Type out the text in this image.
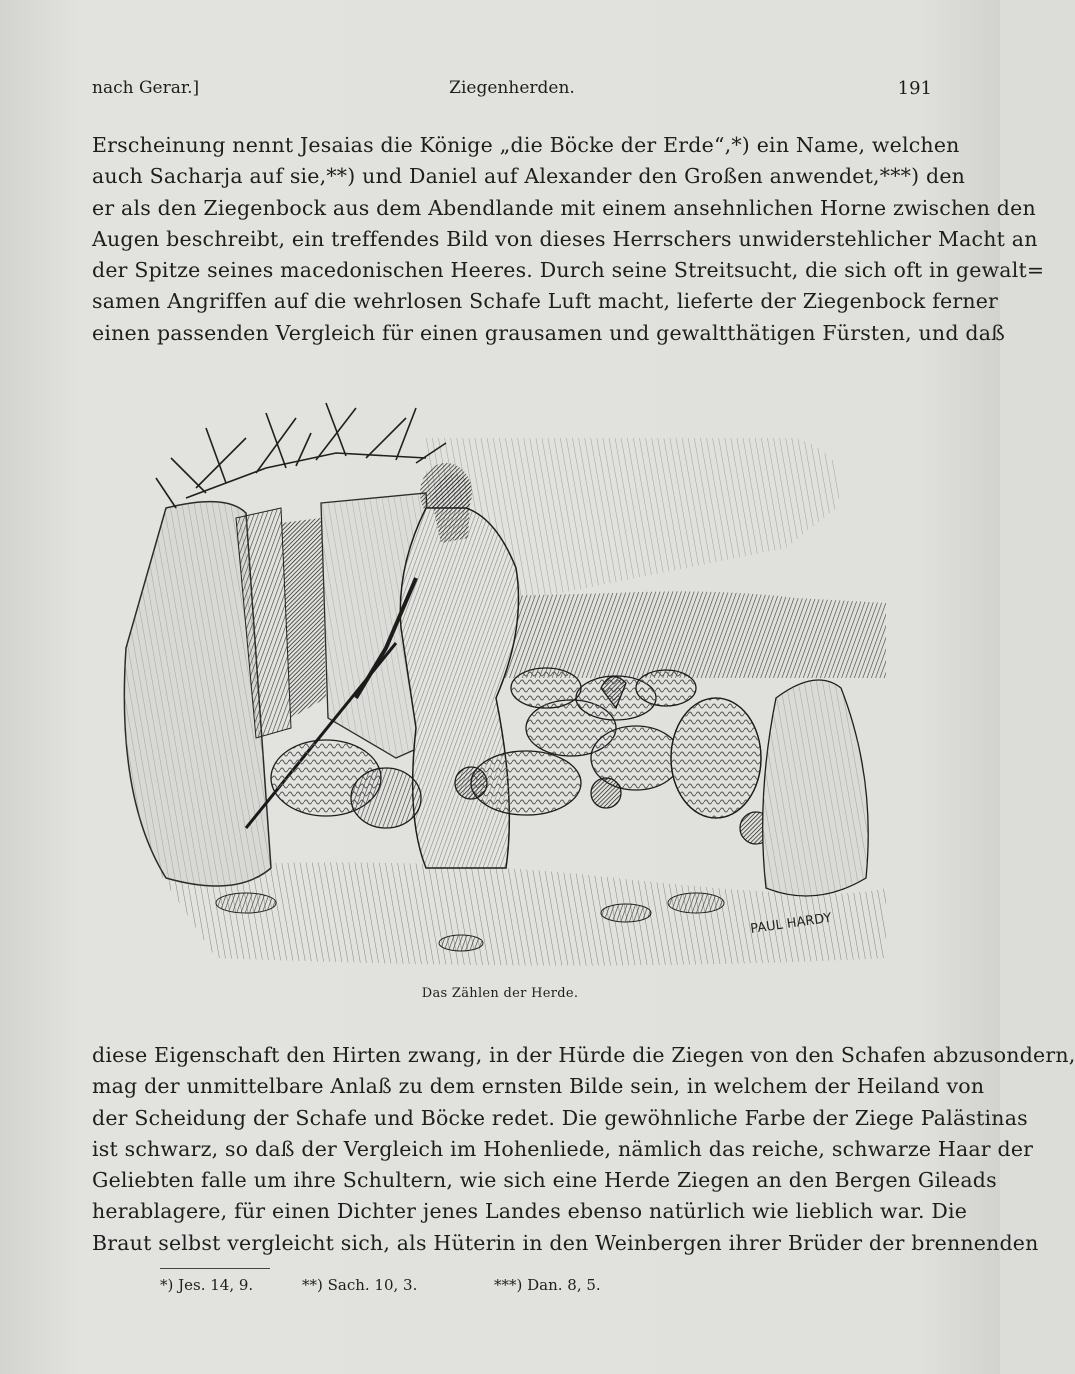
nach Gerar.]	Ziegenherden.	191
Erscheinung nennt Jesaias die Könige „die Böcke der Erde“,*) ein Name, welchen
auch Sacharja auf sie,**) und Daniel auf Alexander den Großen anwendet,***) den
er als den Ziegenbock aus dem Abendlande mit einem ansehnlichen Horne zwischen den
Augen beschreibt, ein treffendes Bild von dieses Herrschers unwiderstehlicher Macht an
der Spitze seines macedonischen Heeres. Durch seine Streitsucht, die sich oft in gewalt=
samen Angriffen auf die wehrlosen Schafe Luft macht, lieferte der Ziegenbock ferner
einen passenden Vergleich für einen grausamen und gewaltthätigen Fürsten, und daß
PAUL HARDY
Das Zählen der Herde.
diese Eigenschaft den Hirten zwang, in der Hürde die Ziegen von den Schafen abzusondern,
mag der unmittelbare Anlaß zu dem ernsten Bilde sein, in welchem der Heiland von
der Scheidung der Schafe und Böcke redet. Die gewöhnliche Farbe der Ziege Palästinas
ist schwarz, so daß der Vergleich im Hohenliede, nämlich das reiche, schwarze Haar der
Geliebten falle um ihre Schultern, wie sich eine Herde Ziegen an den Bergen Gileads
herablagere, für einen Dichter jenes Landes ebenso natürlich wie lieblich war. Die
Braut selbst vergleicht sich, als Hüterin in den Weinbergen ihrer Brüder der brennenden
*) Jes. 14, 9.	**) Sach. 10, 3.	***) Dan. 8, 5.
